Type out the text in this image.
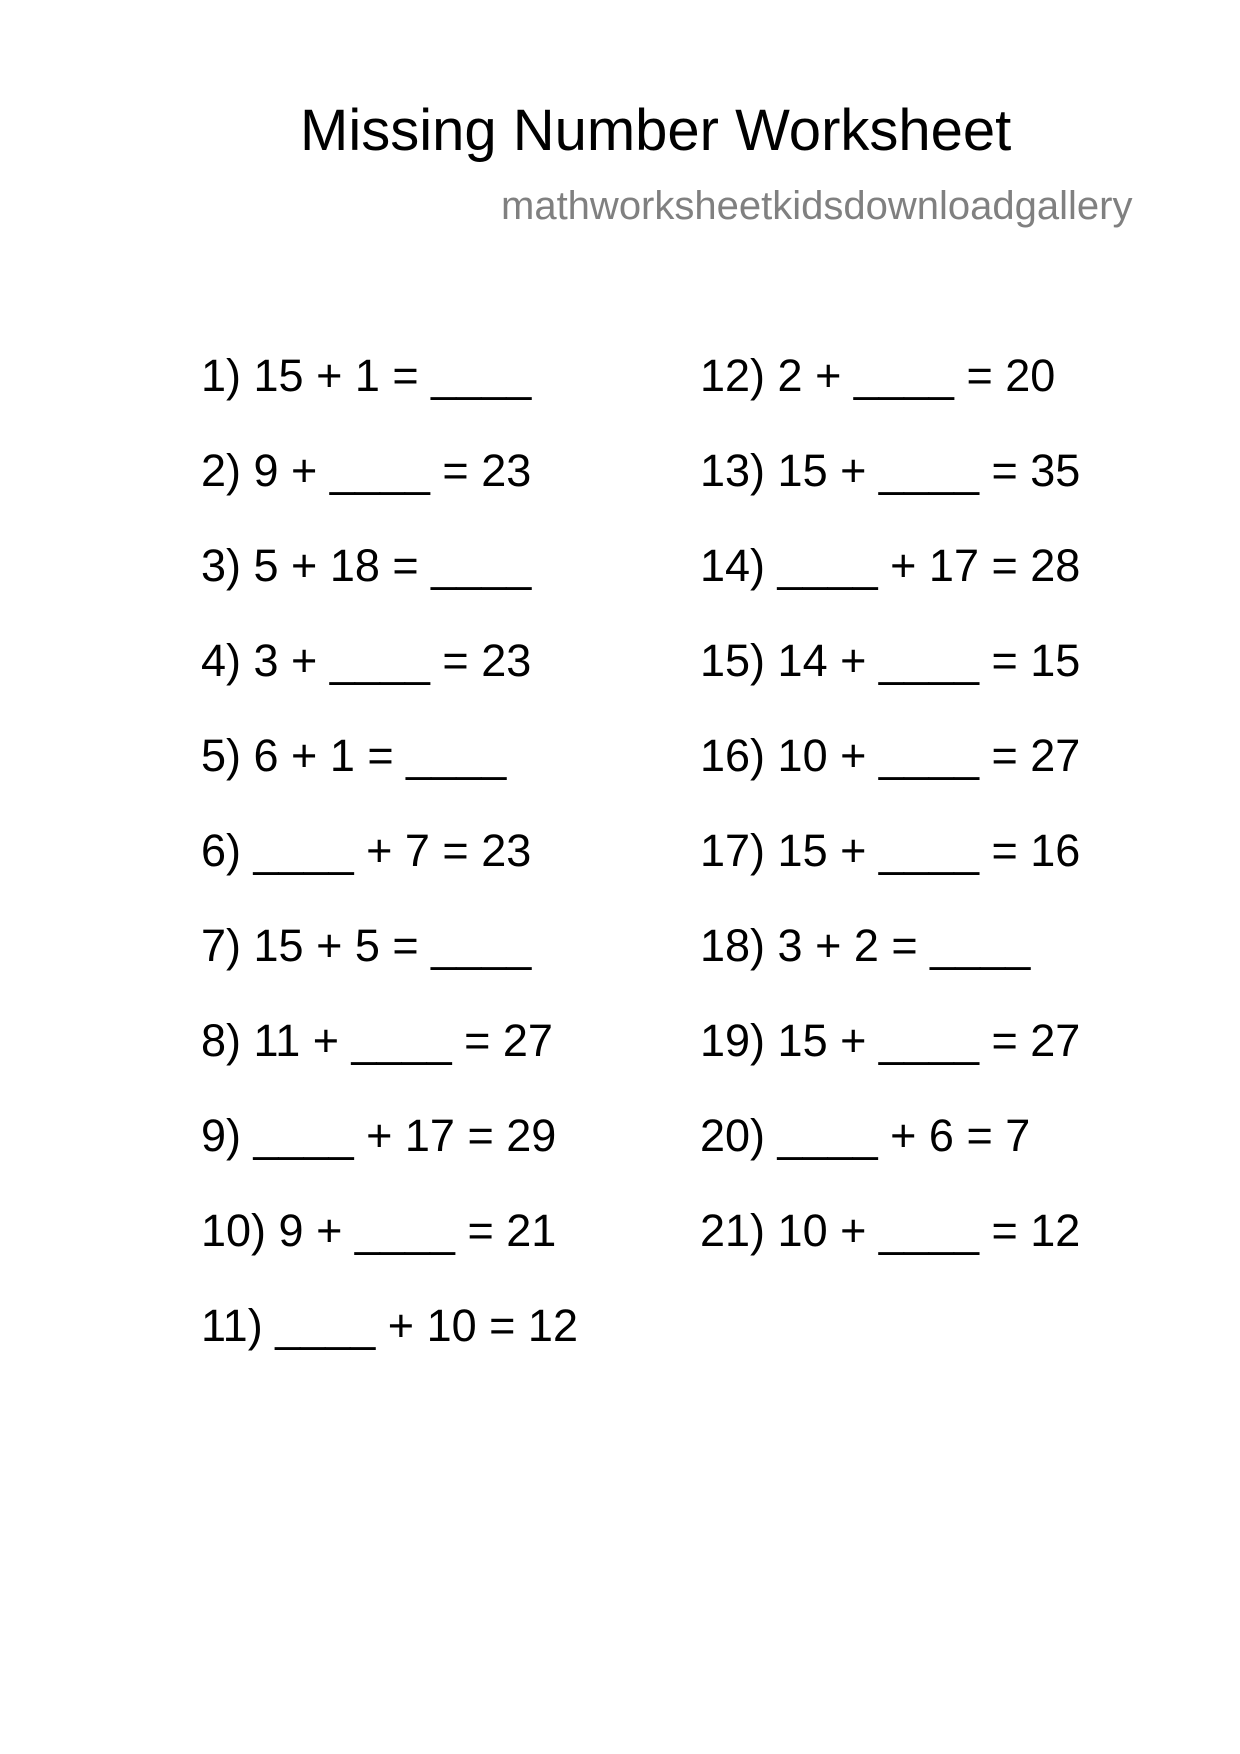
Missing Number Worksheet
mathworksheetkidsdownloadgallery
1) 15 + 1 = ____
2) 9 + ____ = 23
3) 5 + 18 = ____
4) 3 + ____ = 23
5) 6 + 1 = ____
6) ____ + 7 = 23
7) 15 + 5 = ____
8) 11 + ____ = 27
9) ____ + 17 = 29
10) 9 + ____ = 21
11) ____ + 10 = 12
12) 2 + ____ = 20
13) 15 + ____ = 35
14) ____ + 17 = 28
15) 14 + ____ = 15
16) 10 + ____ = 27
17) 15 + ____ = 16
18) 3 + 2 = ____
19) 15 + ____ = 27
20) ____ + 6 = 7
21) 10 + ____ = 12
